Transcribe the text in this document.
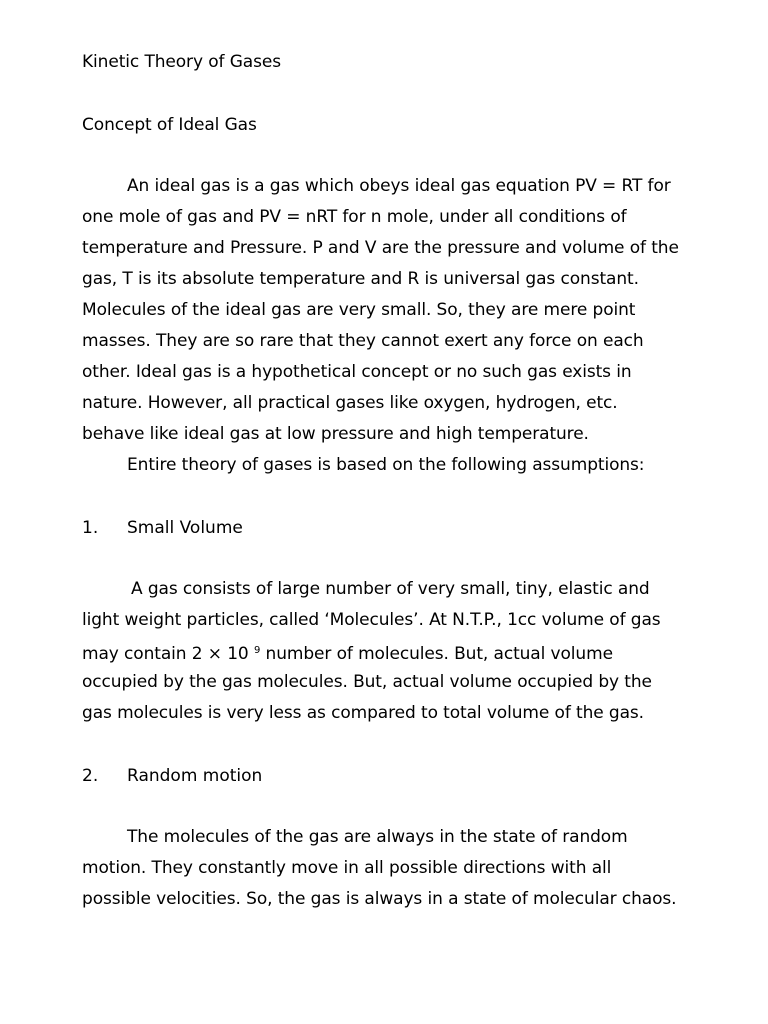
Kinetic Theory of Gases
Concept of Ideal Gas
An ideal gas is a gas which obeys ideal gas equation PV = RT for
one mole of gas and PV = nRT for n mole, under all conditions of
temperature and Pressure. P and V are the pressure and volume of the
gas, T is its absolute temperature and R is universal gas constant.
Molecules of the ideal gas are very small. So, they are mere point
masses. They are so rare that they cannot exert any force on each
other. Ideal gas is a hypothetical concept or no such gas exists in
nature. However, all practical gases like oxygen, hydrogen, etc.
behave like ideal gas at low pressure and high temperature.
Entire theory of gases is based on the following assumptions:
1. Small Volume
A gas consists of large number of very small, tiny, elastic and
light weight particles, called ‘Molecules’. At N.T.P., 1cc volume of gas
may contain 2 × 10 $^9$ number of molecules. But, actual volume
occupied by the gas molecules. But, actual volume occupied by the
gas molecules is very less as compared to total volume of the gas.
2. Random motion
The molecules of the gas are always in the state of random
motion. They constantly move in all possible directions with all
possible velocities. So, the gas is always in a state of molecular chaos.
